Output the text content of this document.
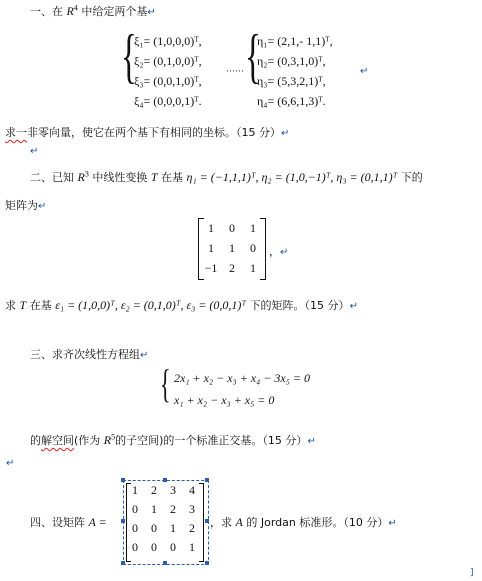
一、在 $R^4$ 中给定两个基↵
{
ξ₁= (1,0,0,0)ᵀ,
ξ₂= (0,1,0,0)ᵀ,
ξ₃= (0,0,1,0)ᵀ,
ξ₄= (0,0,0,1)ᵀ.
······ {
η₁= (2,1,- 1,1)ᵀ,
η₂= (0,3,1,0)ᵀ,
η₃= (5,3,2,1)ᵀ,
η₄= (6,6,1,3)ᵀ.
↵
求一非零向量，使它在两个基下有相同的坐标。（15 分）↵
↵
二、已知 $R^3$ 中线性变换 T 在基 η₁ = (−1,1,1)ᵀ, η₂ = (1,0,−1)ᵀ, η₃ = (0,1,1)ᵀ 下的
矩阵为↵
1	0	1
1	1	0
−1 2	1
，↵
求 T 在基 ε₁ = (1,0,0)ᵀ, ε₂ = (0,1,0)ᵀ, ε₃ = (0,0,1)ᵀ 下的矩阵。（15 分）↵
三、求齐次线性方程组↵
{ 2x₁ + x₂ − x₃ + x₄ − 3x₅ = 0
x₁ + x₂ − x₃ + x₅ = 0
的解空间(作为 $R^5$的子空间)的一个标准正交基。（15 分）↵
↵
四、设矩阵 A =
1	2	3	4
0	1	2	3
0	0	1	2
0	0	0	1
，求 A 的 Jordan 标准形。（10 分）↵
]
